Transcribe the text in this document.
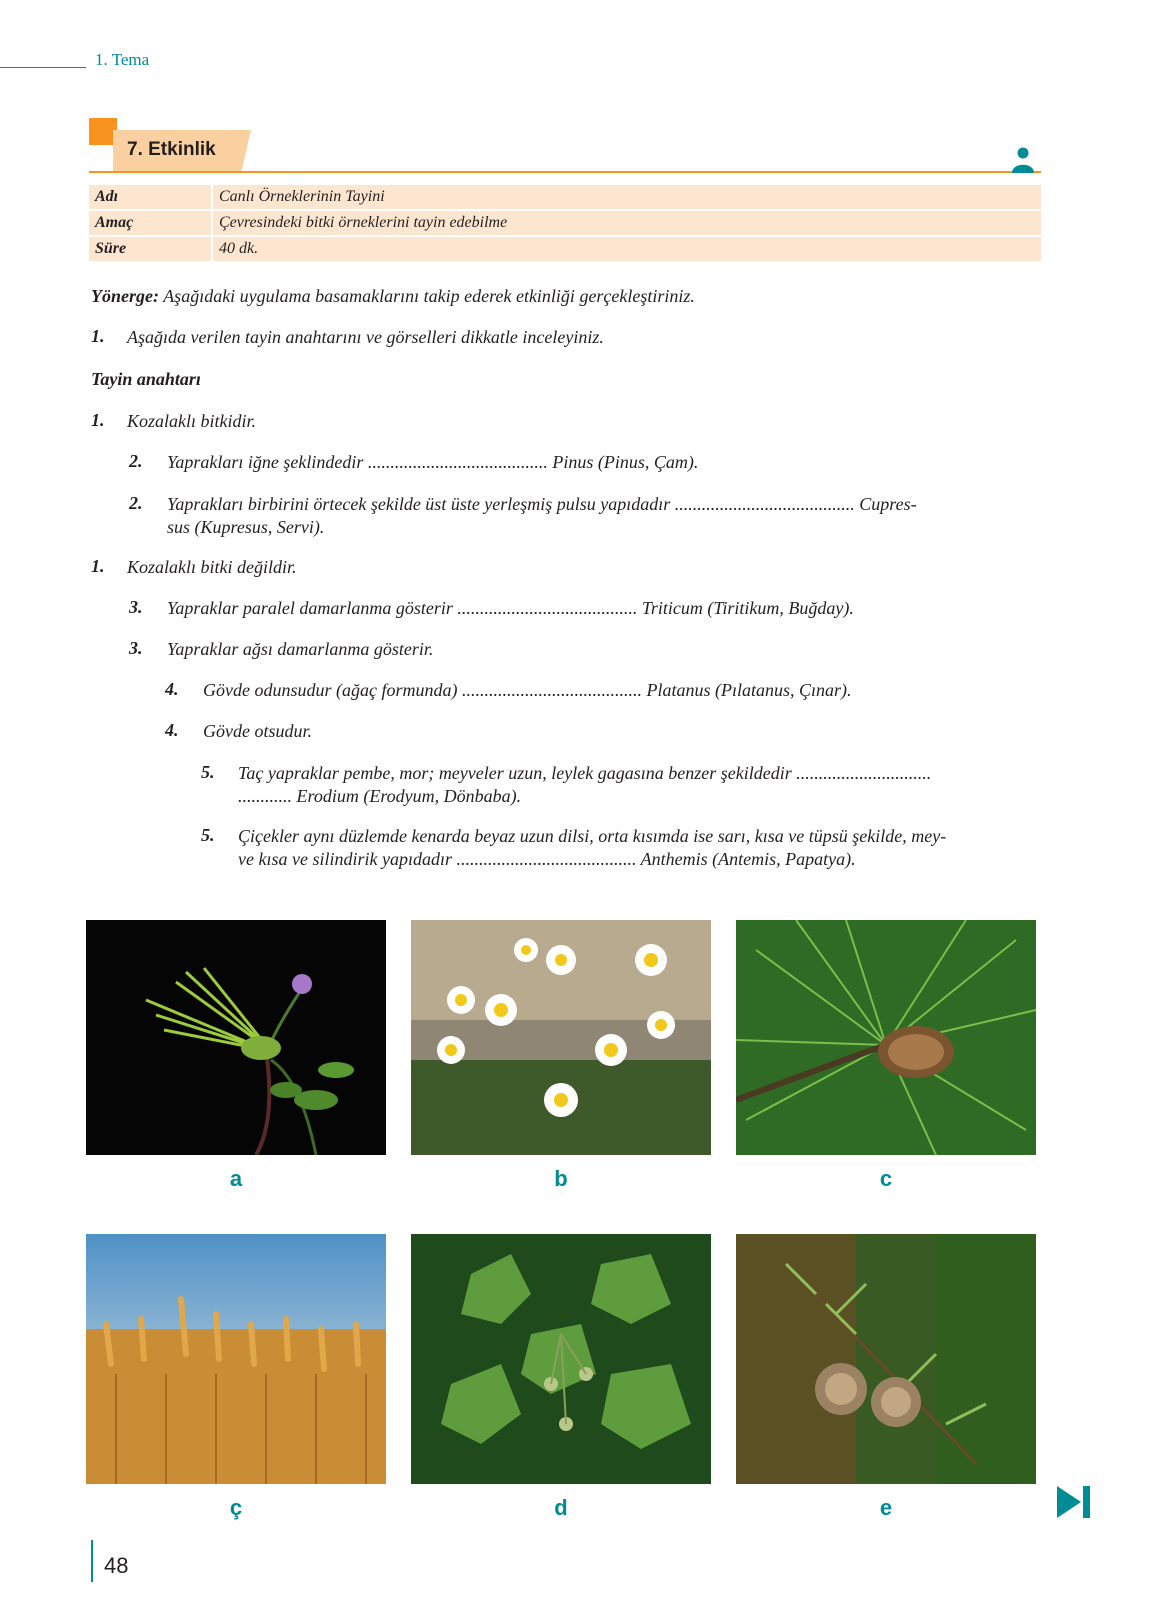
1. Tema
7. Etkinlik
Adı	Canlı Örneklerinin Tayini
Amaç	Çevresindeki bitki örneklerini tayin edebilme
Süre	40 dk.
Yönerge: Aşağıdaki uygulama basamaklarını takip ederek etkinliği gerçekleştiriniz.
1. Aşağıda verilen tayin anahtarını ve görselleri dikkatle inceleyiniz.
Tayin anahtarı
1. Kozalaklı bitkidir.
2. Yaprakları iğne şeklindedir ........................................ Pinus (Pinus, Çam).
2. Yaprakları birbirini örtecek şekilde üst üste yerleşmiş pulsu yapıdadır ........................................ Cupres-
sus (Kupresus, Servi).
1. Kozalaklı bitki değildir.
3. Yapraklar paralel damarlanma gösterir ........................................ Triticum (Tiritikum, Buğday).
3. Yapraklar ağsı damarlanma gösterir.
4. Gövde odunsudur (ağaç formunda) ........................................ Platanus (Pılatanus, Çınar).
4. Gövde otsudur.
5. Taç yapraklar pembe, mor; meyveler uzun, leylek gagasına benzer şekildedir ..............................
............ Erodium (Erodyum, Dönbaba).
5. Çiçekler aynı düzlemde kenarda beyaz uzun dilsi, orta kısımda ise sarı, kısa ve tüpsü şekilde, mey-
ve kısa ve silindirik yapıdadır ........................................ Anthemis (Antemis, Papatya).
a	b	c
ç	d	e
48
